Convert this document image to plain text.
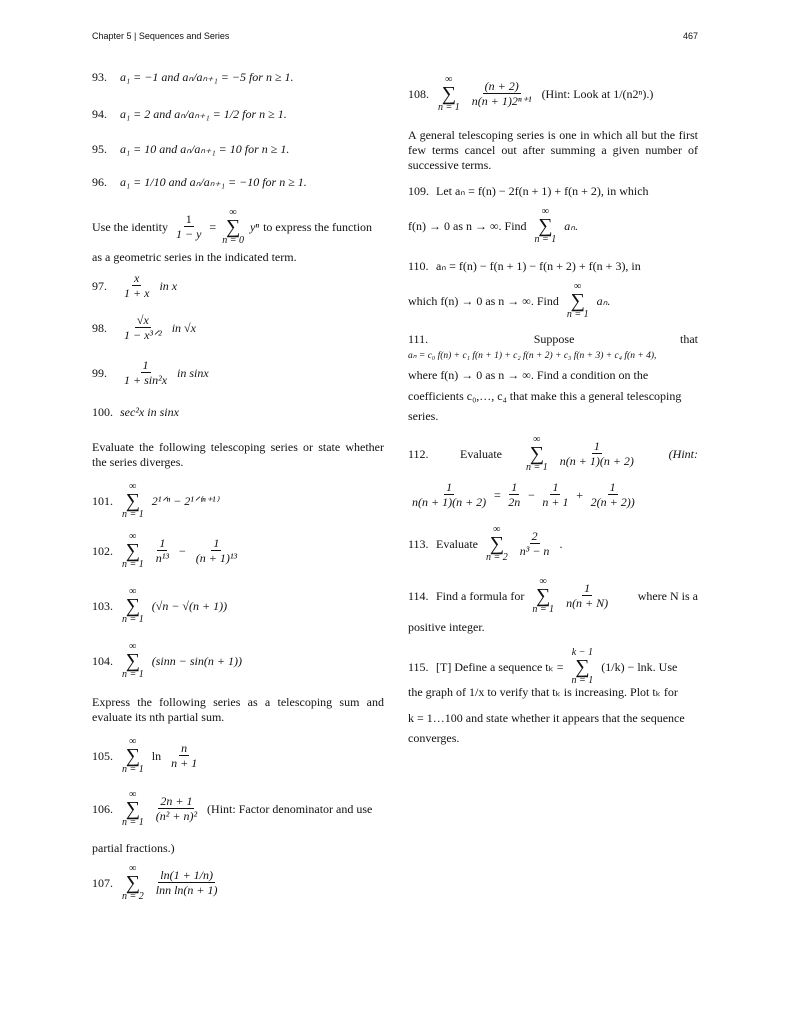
Chapter 5 | Sequences and Series	467
93.	a₁ = −1 and aₙ/aₙ₊₁ = −5 for n ≥ 1.
94.	a₁ = 2 and aₙ/aₙ₊₁ = 1/2 for n ≥ 1.
95.	a₁ = 10 and aₙ/aₙ₊₁ = 10 for n ≥ 1.
96.	a₁ = 1/10 and aₙ/aₙ₊₁ = −10 for n ≥ 1.
Use the identity $\frac{1}{1 - y}$ =
∞
∑
n = 0
yⁿ to express the function
as a geometric series in the indicated term.
97.	$\frac{x}{1 + x}$ in x
98.	$\frac{√x}{\text{1 − x³ᐟ²}}$ in √x
99.	$\frac{1}{\text{1 + sin²x}}$ in sinx
100. sec²x in sinx
Evaluate the following telescoping series or state whether the series diverges.
101.
∞
∑
n = 1
2¹ᐟⁿ − 2¹ᐟ⁽ⁿ⁺¹⁾
102.
∞
∑
$n = 1 \frac{1}{\text{n¹³}} - \frac{1}{\text{(n + 1)¹³}}$
103.
∞
∑
n = 1
(√n − √(n + 1))
104.
∞
∑
n = 1
(sinn − sin(n + 1))
Express the following series as a telescoping sum and evaluate its nth partial sum.
105.
∞
∑
n = 1
$\ln \frac{n}{n + 1}$
106.
∞
∑
$n = 1 \frac{2n + 1}{\text{(n² + n)²}}$ (Hint: Factor denominator and use
partial fractions.)
107.
∞
∑
$n = 2 \frac{\ln(1 + 1/n)}{\text{lnn ln(n + 1)}}$
108.
∞
∑
$n = 1 \frac{(n + 2)}{\text{n(n + 1)2ⁿ⁺¹}}$ (Hint: Look at 1/(n2ⁿ).)
A general telescoping series is one in which all but the first few terms cancel out after summing a given number of successive terms.
109. Let aₙ = f(n) − 2f(n + 1) + f(n + 2), in which
f(n) → 0 as n → ∞. Find
∞
∑
n = 1
aₙ.
110. aₙ = f(n) − f(n + 1) − f(n + 2) + f(n + 3), in
which f(n) → 0 as n → ∞. Find
∞
∑
n = 1
aₙ.
111.	Suppose	that
aₙ = c₀ f(n) + c₁ f(n + 1) + c₂ f(n + 2) + c₃ f(n + 3) + c₄ f(n + 4),
where f(n) → 0 as n → ∞. Find a condition on the
coefficients c₀,…, c₄ that make this a general telescoping
series.
112.	Evaluate
∞
∑
$n = 1 \frac{1}{n(n + 1)(n + 2)}$	(Hint:
$\frac{1}{n(n + 1)(n + 2)} = \frac{1}{2n} - \frac{1}{n + 1} + \frac{1}{2(n + 2))}$
113. Evaluate
∞
∑
$n = 2 \frac{2}{\text{n³ − n}}$ .
114. Find a formula for
∞
∑
$n = 1 \frac{1}{n(n + N)}$ where N is a
positive integer.
115. [T] Define a sequence tₖ =
k − 1
∑
n = 1
(1/k) − lnk. Use
the graph of 1/x to verify that tₖ is increasing. Plot tₖ for
k = 1…100 and state whether it appears that the sequence
converges.
